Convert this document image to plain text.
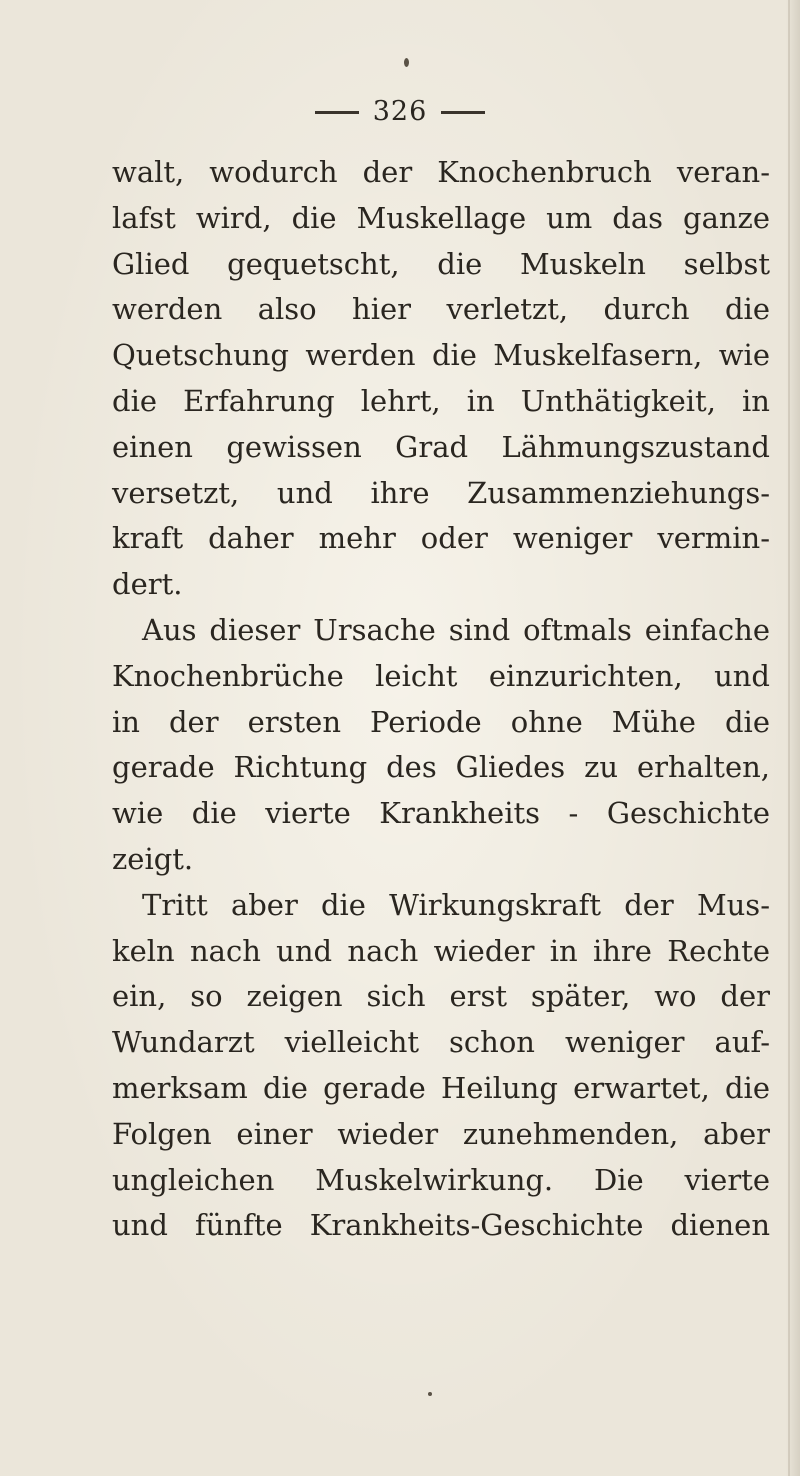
326
walt, wodurch der Knochenbruch veran-
lafst wird, die Muskellage um das ganze
Glied gequetscht, die Muskeln selbst
werden also hier verletzt, durch die
Quetschung werden die Muskelfasern, wie
die Erfahrung lehrt, in Unthätigkeit, in
einen gewissen Grad Lähmungszustand
versetzt, und ihre Zusammenziehungs-
kraft daher mehr oder weniger vermin-
dert.
Aus dieser Ursache sind oftmals einfache
Knochenbrüche leicht einzurichten, und
in der ersten Periode ohne Mühe die
gerade Richtung des Gliedes zu erhalten,
wie die vierte Krankheits - Geschichte
zeigt.
Tritt aber die Wirkungskraft der Mus-
keln nach und nach wieder in ihre Rechte
ein, so zeigen sich erst später, wo der
Wundarzt vielleicht schon weniger auf-
merksam die gerade Heilung erwartet, die
Folgen einer wieder zunehmenden, aber
ungleichen Muskelwirkung. Die vierte
und fünfte Krankheits-Geschichte dienen
